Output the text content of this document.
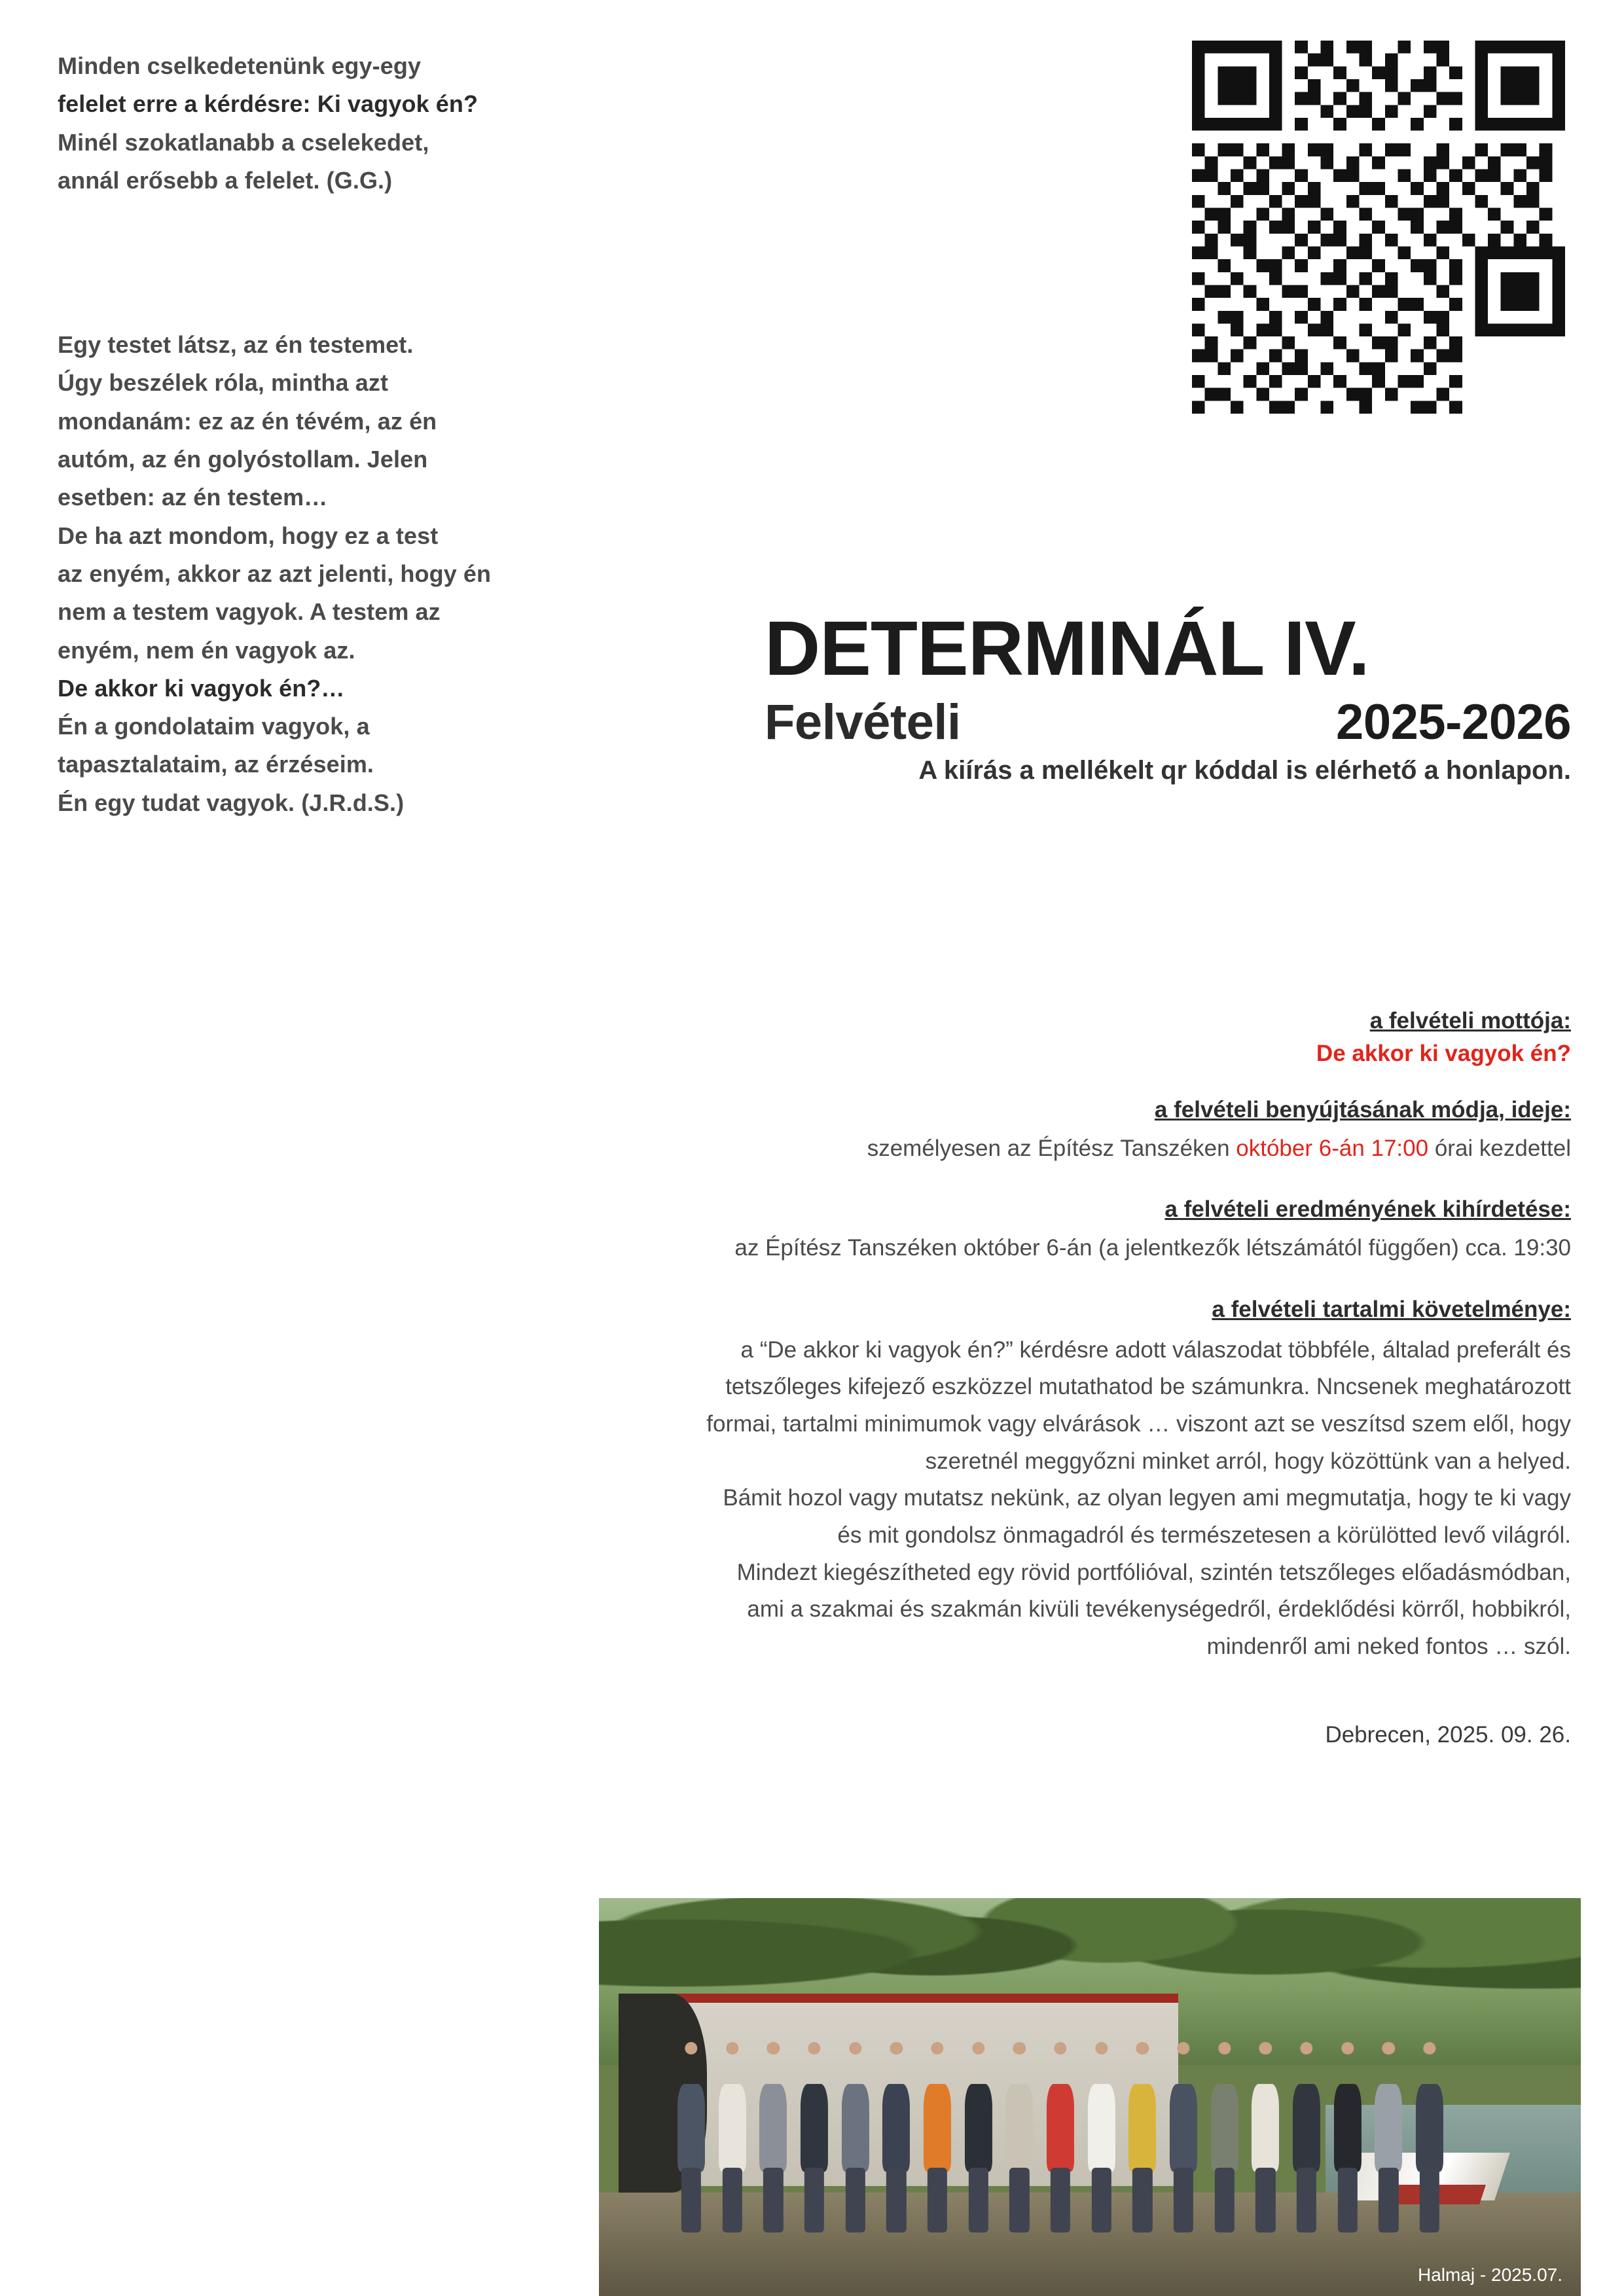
Minden cselkedetenünk egy-egy
felelet erre a kérdésre: Ki vagyok én?
Minél szokatlanabb a cselekedet,
annál erősebb a felelet. (G.G.)
Egy testet látsz, az én testemet.
Úgy beszélek róla, mintha azt
mondanám: ez az én tévém, az én
autóm, az én golyóstollam. Jelen
esetben: az én testem…
De ha azt mondom, hogy ez a test
az enyém, akkor az azt jelenti, hogy én
nem a testem vagyok. A testem az
enyém, nem én vagyok az.
De akkor ki vagyok én?…
Én a gondolataim vagyok, a
tapasztalataim, az érzéseim.
Én egy tudat vagyok. (J.R.d.S.)
DETERMINÁL IV.
Felvételi	2025-2026
A kiírás a mellékelt qr kóddal is elérhető a honlapon.
a felvételi mottója:
De akkor ki vagyok én?
a felvételi benyújtásának módja, ideje:
személyesen az Építész Tanszéken október 6-án 17:00 órai kezdettel
a felvételi eredményének kihírdetése:
az Építész Tanszéken október 6-án (a jelentkezők létszámától függően) cca. 19:30
a felvételi tartalmi követelménye:
a “De akkor ki vagyok én?” kérdésre adott válaszodat többféle, általad preferált és
tetszőleges kifejező eszközzel mutathatod be számunkra. Nncsenek meghatározott
formai, tartalmi minimumok vagy elvárások … viszont azt se veszítsd szem elől, hogy
szeretnél meggyőzni minket arról, hogy közöttünk van a helyed.
Bámit hozol vagy mutatsz nekünk, az olyan legyen ami megmutatja, hogy te ki vagy
és mit gondolsz önmagadról és természetesen a körülötted levő világról.
Mindezt kiegészítheted egy rövid portfólióval, szintén tetszőleges előadásmódban,
ami a szakmai és szakmán kivüli tevékenységedről, érdeklődési körről, hobbikról,
mindenről ami neked fontos … szól.
Debrecen, 2025. 09. 26.
Halmaj - 2025.07.
